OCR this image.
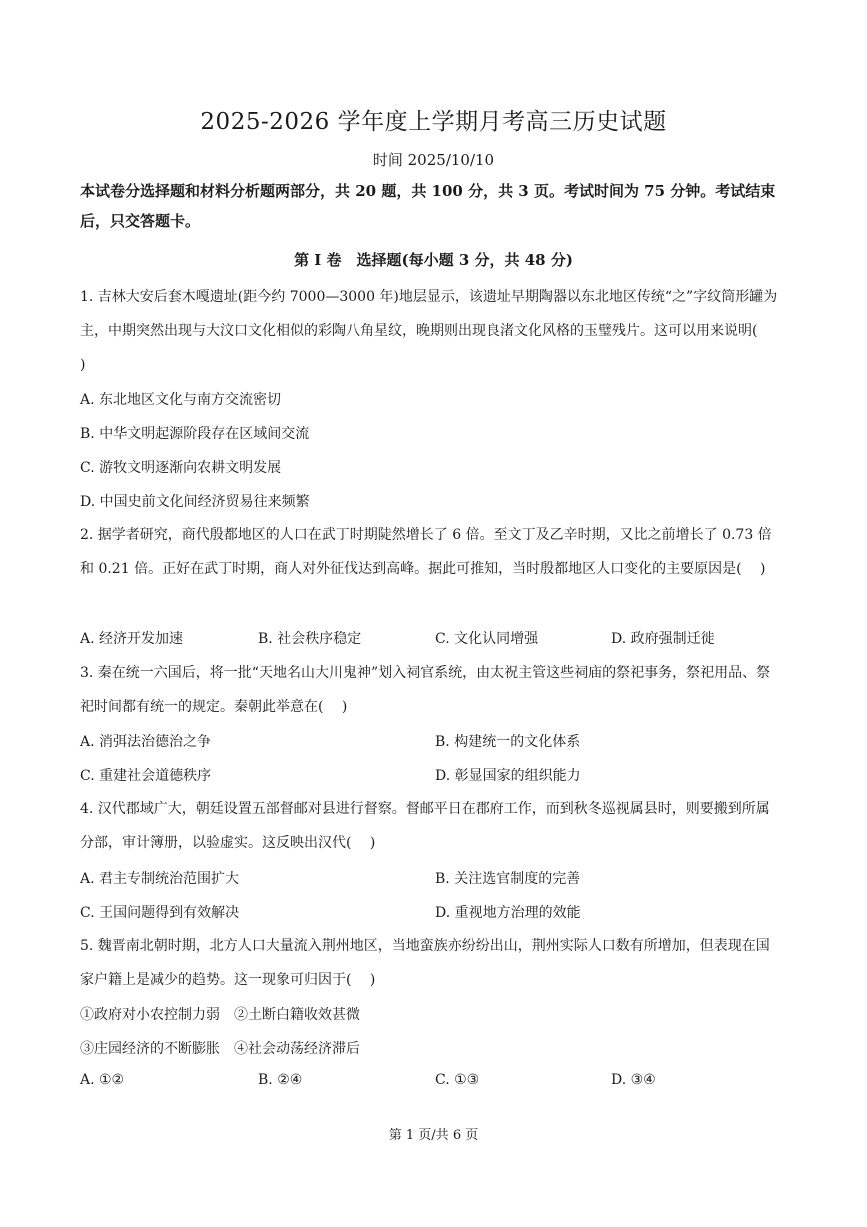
2025-2026 学年度上学期月考高三历史试题
时间 2025/10/10
本试卷分选择题和材料分析题两部分，共 20 题，共 100 分，共 3 页。考试时间为 75 分钟。考试结束后，只交答题卡。
第 Ⅰ 卷　选择题(每小题 3 分，共 48 分)
1. 吉林大安后套木嘎遗址(距今约 7000—3000 年)地层显示，该遗址早期陶器以东北地区传统“之”字纹筒形罐为主，中期突然出现与大汶口文化相似的彩陶八角星纹，晚期则出现良渚文化风格的玉璧残片。这可以用来说明(　 )
A. 东北地区文化与南方交流密切
B. 中华文明起源阶段存在区域间交流
C. 游牧文明逐渐向农耕文明发展
D. 中国史前文化间经济贸易往来频繁
2. 据学者研究，商代殷都地区的人口在武丁时期陡然增长了 6 倍。至文丁及乙辛时期，又比之前增长了 0.73 倍和 0.21 倍。正好在武丁时期，商人对外征伐达到高峰。据此可推知，当时殷都地区人口变化的主要原因是(　 )
A. 经济开发加速	B. 社会秩序稳定	C. 文化认同增强	D. 政府强制迁徙
3. 秦在统一六国后，将一批“天地名山大川鬼神”划入祠官系统，由太祝主管这些祠庙的祭祀事务，祭祀用品、祭祀时间都有统一的规定。秦朝此举意在(　 )
A. 消弭法治德治之争	B. 构建统一的文化体系
C. 重建社会道德秩序	D. 彰显国家的组织能力
4. 汉代郡域广大，朝廷设置五部督邮对县进行督察。督邮平日在郡府工作，而到秋冬巡视属县时，则要搬到所属分部，审计簿册，以验虚实。这反映出汉代(　 )
A. 君主专制统治范围扩大	B. 关注选官制度的完善
C. 王国问题得到有效解决	D. 重视地方治理的效能
5. 魏晋南北朝时期，北方人口大量流入荆州地区，当地蛮族亦纷纷出山，荆州实际人口数有所增加，但表现在国家户籍上是减少的趋势。这一现象可归因于(　 )
①政府对小农控制力弱　②土断白籍收效甚微
③庄园经济的不断膨胀　④社会动荡经济滞后
A. ①②	B. ②④	C. ①③	D. ③④
第 1 页/共 6 页
